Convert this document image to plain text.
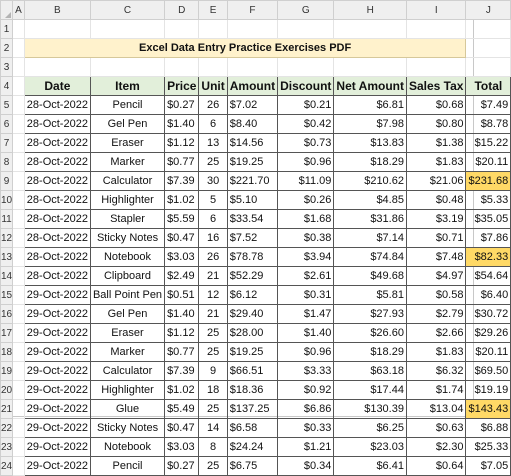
	A	B	C	D	E	F	G	H	I	J
1										
2		Excel Data Entry Practice Exercises PDF								
3										
4		Date	Item	Price	Unit	Amount	Discount	Net Amount	Sales Tax	Total
5		28-Oct-2022	Pencil	$0.27	26	$7.02	$0.21	$6.81	$0.68	$7.49
6		28-Oct-2022	Gel Pen	$1.40	6	$8.40	$0.42	$7.98	$0.80	$8.78
7		28-Oct-2022	Eraser	$1.12	13	$14.56	$0.73	$13.83	$1.38	$15.22
8		28-Oct-2022	Marker	$0.77	25	$19.25	$0.96	$18.29	$1.83	$20.11
9		28-Oct-2022	Calculator	$7.39	30	$221.70	$11.09	$210.62	$21.06	$231.68
10		28-Oct-2022	Highlighter	$1.02	5	$5.10	$0.26	$4.85	$0.48	$5.33
11		28-Oct-2022	Stapler	$5.59	6	$33.54	$1.68	$31.86	$3.19	$35.05
12		28-Oct-2022	Sticky Notes	$0.47	16	$7.52	$0.38	$7.14	$0.71	$7.86
13		28-Oct-2022	Notebook	$3.03	26	$78.78	$3.94	$74.84	$7.48	$82.33
14		28-Oct-2022	Clipboard	$2.49	21	$52.29	$2.61	$49.68	$4.97	$54.64
15		29-Oct-2022	Ball Point Pen	$0.51	12	$6.12	$0.31	$5.81	$0.58	$6.40
16		29-Oct-2022	Gel Pen	$1.40	21	$29.40	$1.47	$27.93	$2.79	$30.72
17		29-Oct-2022	Eraser	$1.12	25	$28.00	$1.40	$26.60	$2.66	$29.26
18		29-Oct-2022	Marker	$0.77	25	$19.25	$0.96	$18.29	$1.83	$20.11
19		29-Oct-2022	Calculator	$7.39	9	$66.51	$3.33	$63.18	$6.32	$69.50
20		29-Oct-2022	Highlighter	$1.02	18	$18.36	$0.92	$17.44	$1.74	$19.19
21		29-Oct-2022	Glue	$5.49	25	$137.25	$6.86	$130.39	$13.04	$143.43
22		29-Oct-2022	Sticky Notes	$0.47	14	$6.58	$0.33	$6.25	$0.63	$6.88
23		29-Oct-2022	Notebook	$3.03	8	$24.24	$1.21	$23.03	$2.30	$25.33
24		29-Oct-2022	Pencil	$0.27	25	$6.75	$0.34	$6.41	$0.64	$7.05
